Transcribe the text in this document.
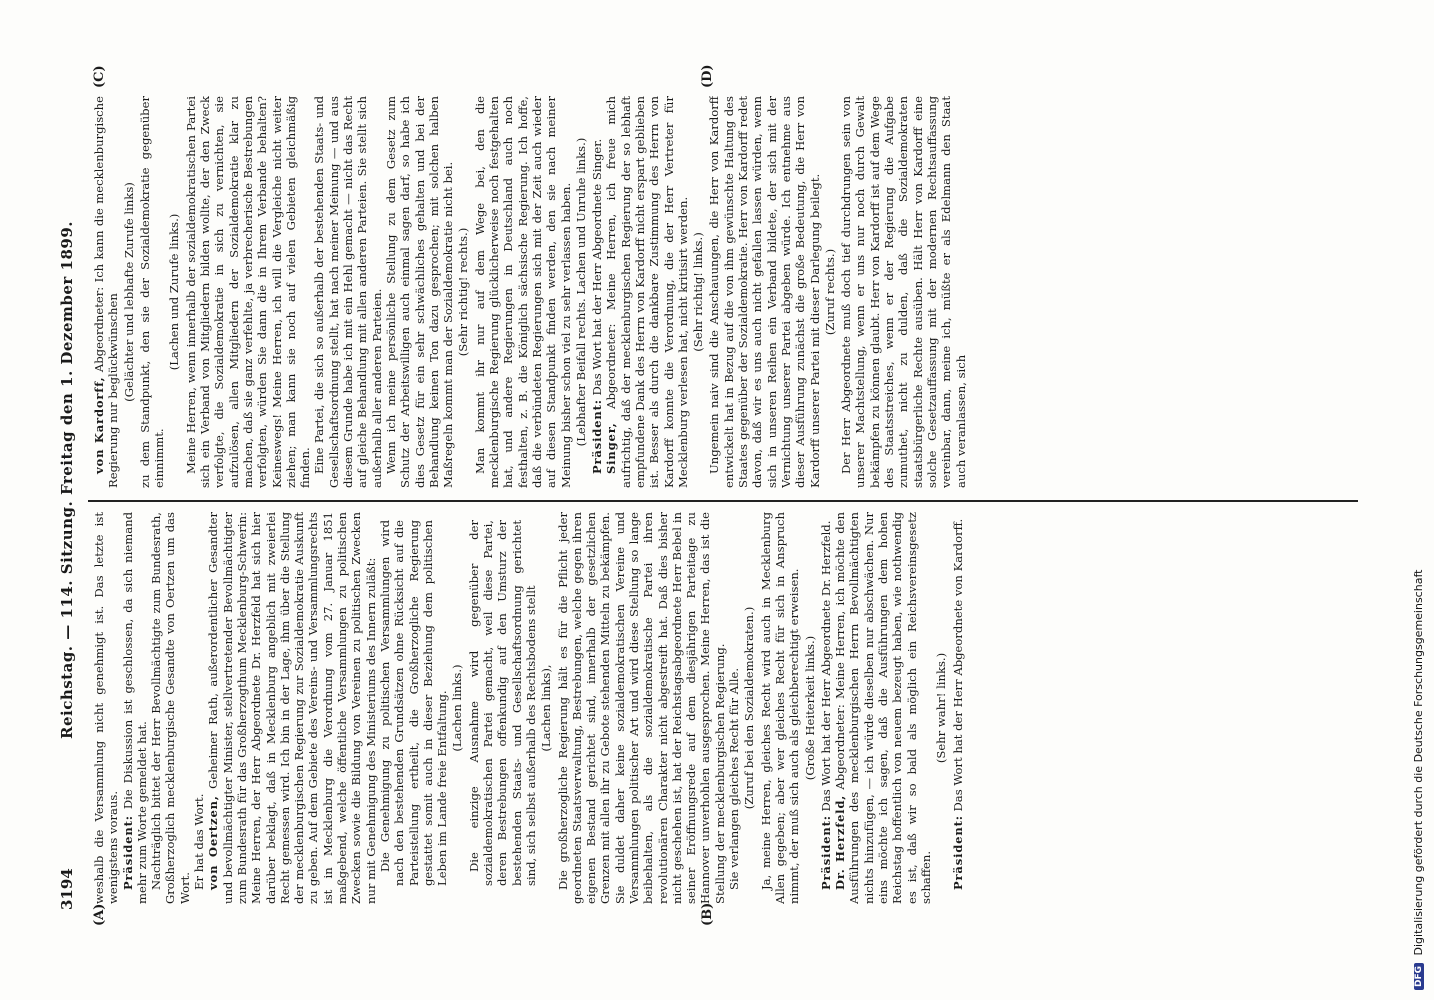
3194
Reichstag. — 114. Sitzung. Freitag den 1. Dezember 1899.
(A)	(B)
(C)	(D)

weshalb die Versammlung nicht genehmigt ist. Das letzte ist wenigstens voraus. Präsident: Die Diskussion ist geschlossen, da sich niemand mehr zum Worte gemeldet hat. Nachträglich bittet der Herr Bevollmächtigte zum Bundesrath, Großherzoglich mecklenburgische Gesandte von Oertzen um das Wort. Er hat das Wort. von Oertzen, Geheimer Rath, außerordentlicher Gesandter und bevollmächtigter Minister, stellvertretender Bevollmächtigter zum Bundesrath für das Großherzogthum Mecklenburg-Schwerin: Meine Herren, der Herr Abgeordnete Dr. Herzfeld hat sich hier darüber beklagt, daß in Mecklenburg angeblich mit zweierlei Recht gemessen wird. Ich bin in der Lage, ihm über die Stellung der mecklenburgischen Regierung zur Sozialdemokratie Auskunft zu geben. Auf dem Gebiete des Vereins- und Versammlungsrechts ist in Mecklenburg die Verordnung vom 27. Januar 1851 maßgebend, welche öffentliche Versammlungen zu politischen Zwecken sowie die Bildung von Vereinen zu politischen Zwecken nur mit Genehmigung des Ministeriums des Innern zuläßt: Die Genehmigung zu politischen Versammlungen wird nach den bestehenden Grundsätzen ohne Rücksicht auf die Parteistellung ertheilt, die Großherzogliche Regierung gestattet somit auch in dieser Beziehung dem politischen Leben im Lande freie Entfaltung. (Lachen links.) Die einzige Ausnahme wird gegenüber der sozialdemokratischen Partei gemacht, weil diese Partei, deren Bestrebungen offenkundig auf den Umsturz der bestehenden Staats- und Gesellschaftsordnung gerichtet sind, sich selbst außerhalb des Rechtsbodens stellt (Lachen links), Die großherzogliche Regierung hält es für die Pflicht jeder geordneten Staatsverwaltung, Bestrebungen, welche gegen ihren eigenen Bestand gerichtet sind, innerhalb der gesetzlichen Grenzen mit allen ihr zu Gebote stehenden Mitteln zu bekämpfen. Sie duldet daher keine sozialdemokratischen Vereine und Versammlungen politischer Art und wird diese Stellung so lange beibehalten, als die sozialdemokratische Partei ihren revolutionären Charakter nicht abgestreift hat. Daß dies bisher nicht geschehen ist, hat der Reichstagsabgeordnete Herr Bebel in seiner Eröffnungsrede auf dem diesjährigen Parteitage zu Hannover unverhohlen ausgesprochen. Meine Herren, das ist die Stellung der mecklenburgischen Regierung. Sie verlangen gleiches Recht für Alle. (Zuruf bei den Sozialdemokraten.) Ja, meine Herren, gleiches Recht wird auch in Mecklenburg Allen gegeben; aber wer gleiches Recht für sich in Anspruch nimmt, der muß sich auch als gleichberechtigt erweisen. (Große Heiterkeit links.)

Präsident: Das Wort hat der Herr Abgeordnete Dr. Herzfeld.

Dr. Herzfeld, Abgeordneter: Meine Herren, ich möchte den Ausführungen des mecklenburgischen Herrn Bevollmächtigten nichts hinzufügen, — ich würde dieselben nur abschwächen. Nur eins möchte ich sagen, daß die Ausführungen dem hohen Reichstag hoffentlich von neuem bezeugt haben, wie nothwendig es ist, daß wir so bald als möglich ein Reichsvereinsgesetz schaffen.

(Sehr wahr! links.)

Präsident: Das Wort hat der Herr Abgeordnete von Kardorff.

von Kardorff, Abgeordneter: Ich kann die mecklenburgische Regierung nur beglückwünschen (Gelächter und lebhafte Zurufe links) zu dem Standpunkt, den sie der Sozialdemokratie gegenüber einnimmt.

(Lachen und Zurufe links.) Meine Herren, wenn innerhalb der sozialdemokratischen Partei sich ein Verband von Mitgliedern bilden wollte, der den Zweck verfolgte, die Sozialdemokratie in sich zu vernichten, sie aufzulösen, allen Mitgliedern der Sozialdemokratie klar zu machen, daß sie ganz verfehlte, ja verbrecherische Bestrebungen verfolgten, würden Sie dann die in Ihrem Verbande behalten? Keineswegs! Meine Herren, ich will die Vergleiche nicht weiter ziehen; man kann sie noch auf vielen Gebieten gleichmäßig finden. Eine Partei, die sich so außerhalb der bestehenden Staats- und Gesellschaftsordnung stellt, hat nach meiner Meinung — und aus diesem Grunde habe ich mit ein Hehl gemacht — nicht das Recht auf gleiche Behandlung mit allen anderen Parteien. Sie stellt sich außerhalb aller anderen Parteien. Wenn ich meine persönliche Stellung zu dem Gesetz zum Schutz der Arbeitswilligen auch einmal sagen darf, so habe ich dies Gesetz für ein sehr schwächliches gehalten und bei der Behandlung keinen Ton dazu gesprochen; mit solchen halben Maßregeln kommt man der Sozialdemokratie nicht bei. (Sehr richtig! rechts.) Man kommt ihr nur auf dem Wege bei, den die mecklenburgische Regierung glücklicherweise noch festgehalten hat, und andere Regierungen in Deutschland auch noch festhalten, z. B. die Königlich sächsische Regierung. Ich hoffe, daß die verbündeten Regierungen sich mit der Zeit auch wieder auf diesen Standpunkt finden werden, den sie nach meiner Meinung bisher schon viel zu sehr verlassen haben. (Lebhafter Beifall rechts. Lachen und Unruhe links.) Präsident: Das Wort hat der Herr Abgeordnete Singer.

Singer, Abgeordneter: Meine Herren, ich freue mich aufrichtig, daß der mecklenburgischen Regierung der so lebhaft empfundene Dank des Herrn von Kardorff nicht erspart geblieben ist. Besser als durch die dankbare Zustimmung des Herrn von Kardorff konnte die Verordnung, die der Herr Vertreter für Mecklenburg verlesen hat, nicht kritisirt werden. (Sehr richtig! links.) Ungemein naiv sind die Anschauungen, die Herr von Kardorff entwickelt hat in Bezug auf die von ihm gewünschte Haltung des Staates gegenüber der Sozialdemokratie. Herr von Kardorff redet davon, daß wir es uns auch nicht gefallen lassen würden, wenn sich in unseren Reihen ein Verband bildete, der sich mit der Vernichtung unserer Partei abgeben würde. Ich entnehme aus dieser Ausführung zunächst die große Bedeutung, die Herr von Kardorff unserer Partei mit dieser Darlegung beilegt. (Zuruf rechts.) Der Herr Abgeordnete muß doch tief durchdrungen sein von unserer Machtstellung, wenn er uns nur noch durch Gewalt bekämpfen zu können glaubt. Herr von Kardorff ist auf dem Wege des Staatsstreiches, wenn er der Regierung die Aufgabe zumuthet, nicht zu dulden, daß die Sozialdemokraten staatsbürgerliche Rechte ausüben. Hält Herr von Kardorff eine solche Gesetzauffassung mit der modernen Rechtsauffassung vereinbar, dann, meine ich, müßte er als Edelmann den Staat auch veranlassen, sich

DFG Digitalisierung gefördert durch die Deutsche Forschungsgemeinschaft
